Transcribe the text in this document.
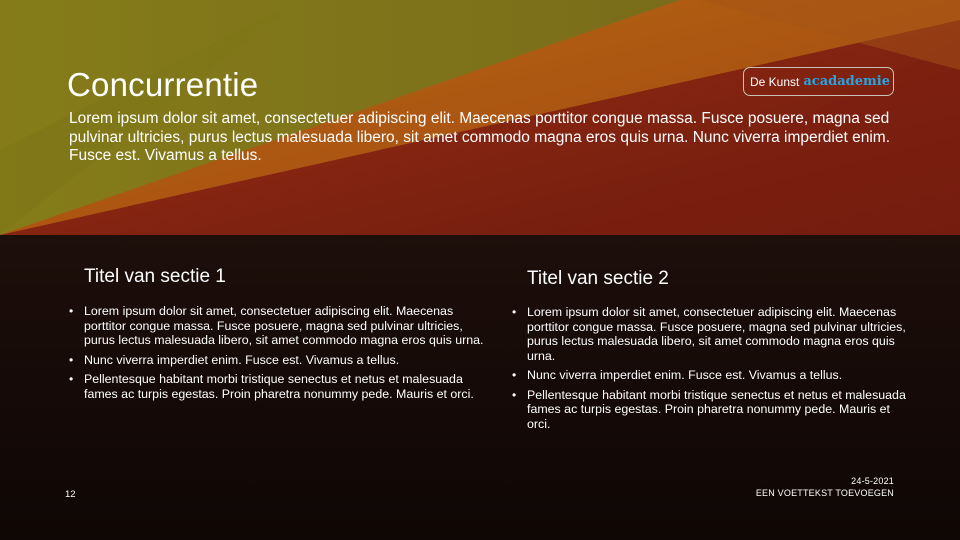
Concurrentie
Lorem ipsum dolor sit amet, consectetuer adipiscing elit. Maecenas porttitor congue massa. Fusce posuere, magna sed pulvinar ultricies, purus lectus malesuada libero, sit amet commodo magna eros quis urna. Nunc viverra imperdiet enim. Fusce est. Vivamus a tellus.
De Kunst acadademie
Titel van sectie 1
• Lorem ipsum dolor sit amet, consectetuer adipiscing elit. Maecenas porttitor congue massa. Fusce posuere, magna sed pulvinar ultricies, purus lectus malesuada libero, sit amet commodo magna eros quis urna.
• Nunc viverra imperdiet enim. Fusce est. Vivamus a tellus.
• Pellentesque habitant morbi tristique senectus et netus et malesuada fames ac turpis egestas. Proin pharetra nonummy pede. Mauris et orci.
Titel van sectie 2
• Lorem ipsum dolor sit amet, consectetuer adipiscing elit. Maecenas porttitor congue massa. Fusce posuere, magna sed pulvinar ultricies, purus lectus malesuada libero, sit amet commodo magna eros quis urna.
• Nunc viverra imperdiet enim. Fusce est. Vivamus a tellus.
• Pellentesque habitant morbi tristique senectus et netus et malesuada fames ac turpis egestas. Proin pharetra nonummy pede. Mauris et orci.
12
24-5-2021
EEN VOETTEKST TOEVOEGEN
